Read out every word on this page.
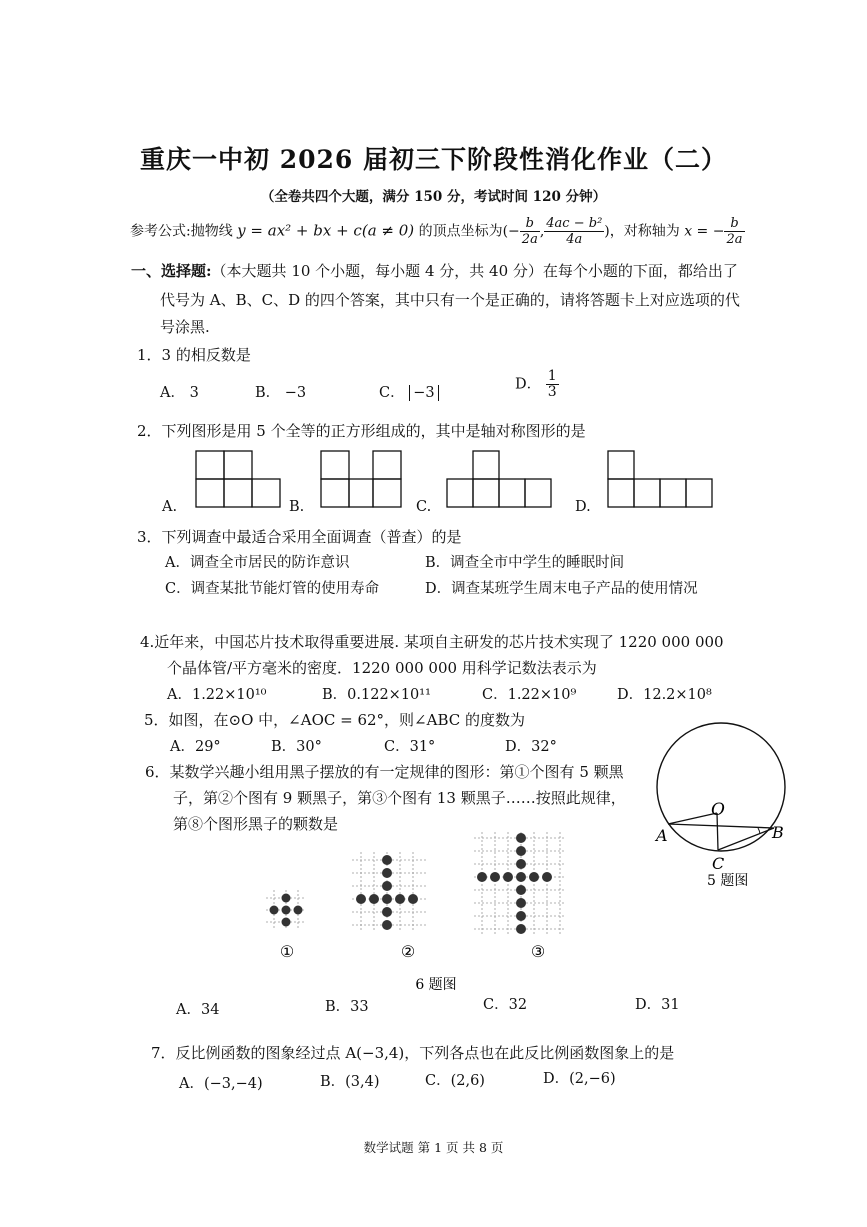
重庆一中初 2026 届初三下阶段性消化作业（二）
（全卷共四个大题，满分 150 分，考试时间 120 分钟）
参考公式:抛物线 y = ax² + bx + c(a ≠ 0) 的顶点坐标为(− $\frac{b}{2a}$ , $\frac{\text{4ac − b²}}{4a}$ )，对称轴为 x = − $\frac{b}{2a}$
一、选择题:（本大题共 10 个小题，每小题 4 分，共 40 分）在每个小题的下面，都给出了
代号为 A、B、C、D 的四个答案，其中只有一个是正确的，请将答题卡上对应选项的代
号涂黑.
1．3 的相反数是
A． 3	B． −3	C． −3
D． $\frac{1}{3}$
2．下列图形是用 5 个全等的正方形组成的，其中是轴对称图形的是
A.	B.	C.	D.
3．下列调查中最适合采用全面调查（普查）的是
A．调查全市居民的防诈意识	B．调查全市中学生的睡眠时间
C．调查某批节能灯管的使用寿命	D．调查某班学生周末电子产品的使用情况
4.近年来，中国芯片技术取得重要进展. 某项自主研发的芯片技术实现了 1220 000 000
个晶体管/平方毫米的密度．1220 000 000 用科学记数法表示为
A．1.22×10¹⁰	B．0.122×10¹¹	C．1.22×10⁹	D．12.2×10⁸
5．如图，在⊙O 中，∠AOC = 62°，则∠ABC 的度数为
A．29°	B．30°	C．31°	D．32°
O
A	B
C
5 题图
6．某数学兴趣小组用黑子摆放的有一定规律的图形：第①个图有 5 颗黑
子，第②个图有 9 颗黑子，第③个图有 13 颗黑子……按照此规律，
第⑧个图形黑子的颗数是
①	②	③
6 题图
A．34	B．33	C．32	D．31
7．反比例函数的图象经过点 A(−3,4)，下列各点也在此反比例函数图象上的是
A．(−3,−4)	B．(3,4)	C．(2,6)	D．(2,−6)
数学试题 第 1 页 共 8 页
